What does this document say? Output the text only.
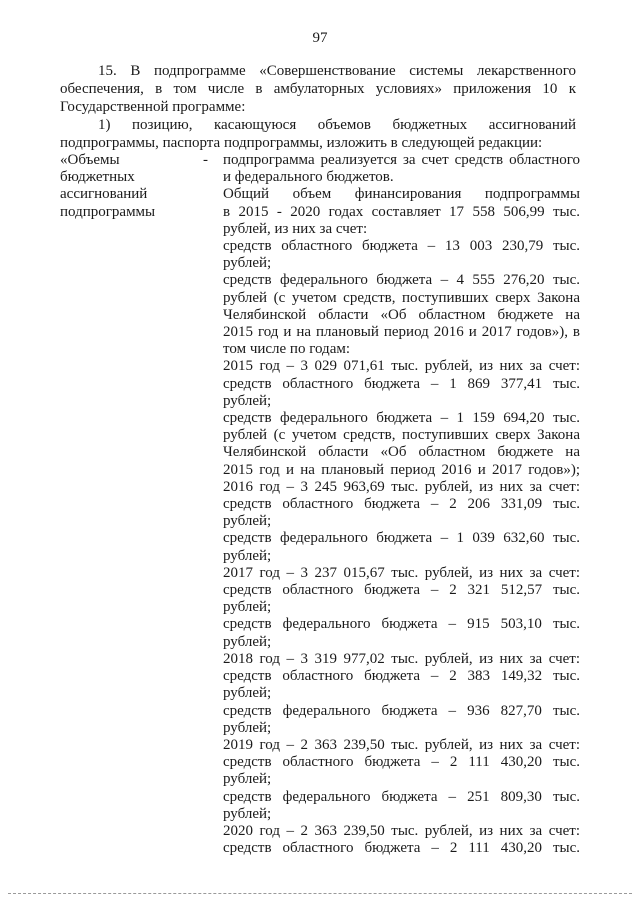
97
15. В подпрограмме «Совершенствование системы лекарственного
обеспечения, в том числе в амбулаторных условиях» приложения 10 к
Государственной программе:
1) позицию, касающуюся объемов бюджетных ассигнований
подпрограммы, паспорта подпрограммы, изложить в следующей редакции:
«Объемы
бюджетных
ассигнований
подпрограммы
- подпрограмма реализуется за счет средств областного
и федерального бюджетов.
Общий объем финансирования подпрограммы
в 2015 - 2020 годах составляет 17 558 506,99 тыс.
рублей, из них за счет:
средств областного бюджета – 13 003 230,79 тыс.
рублей;
средств федерального бюджета – 4 555 276,20 тыс.
рублей (с учетом средств, поступивших сверх Закона
Челябинской области «Об областном бюджете на
2015 год и на плановый период 2016 и 2017 годов»), в
том числе по годам:
2015 год – 3 029 071,61 тыс. рублей, из них за счет:
средств областного бюджета – 1 869 377,41 тыс. рублей;
средств федерального бюджета – 1 159 694,20 тыс.
рублей (с учетом средств, поступивших сверх Закона
Челябинской области «Об областном бюджете на
2015 год и на плановый период 2016 и 2017 годов»);
2016 год – 3 245 963,69 тыс. рублей, из них за счет:
средств областного бюджета – 2 206 331,09 тыс. рублей;
средств федерального бюджета – 1 039 632,60 тыс.
рублей;
2017 год – 3 237 015,67 тыс. рублей, из них за счет:
средств областного бюджета – 2 321 512,57 тыс.
рублей;
средств федерального бюджета – 915 503,10 тыс.
рублей;
2018 год – 3 319 977,02 тыс. рублей, из них за счет:
средств областного бюджета – 2 383 149,32 тыс.
рублей;
средств федерального бюджета – 936 827,70 тыс.
рублей;
2019 год – 2 363 239,50 тыс. рублей, из них за счет:
средств областного бюджета – 2 111 430,20 тыс.
рублей;
средств федерального бюджета – 251 809,30 тыс.
рублей;
2020 год – 2 363 239,50 тыс. рублей, из них за счет:
средств областного бюджета – 2 111 430,20 тыс.
